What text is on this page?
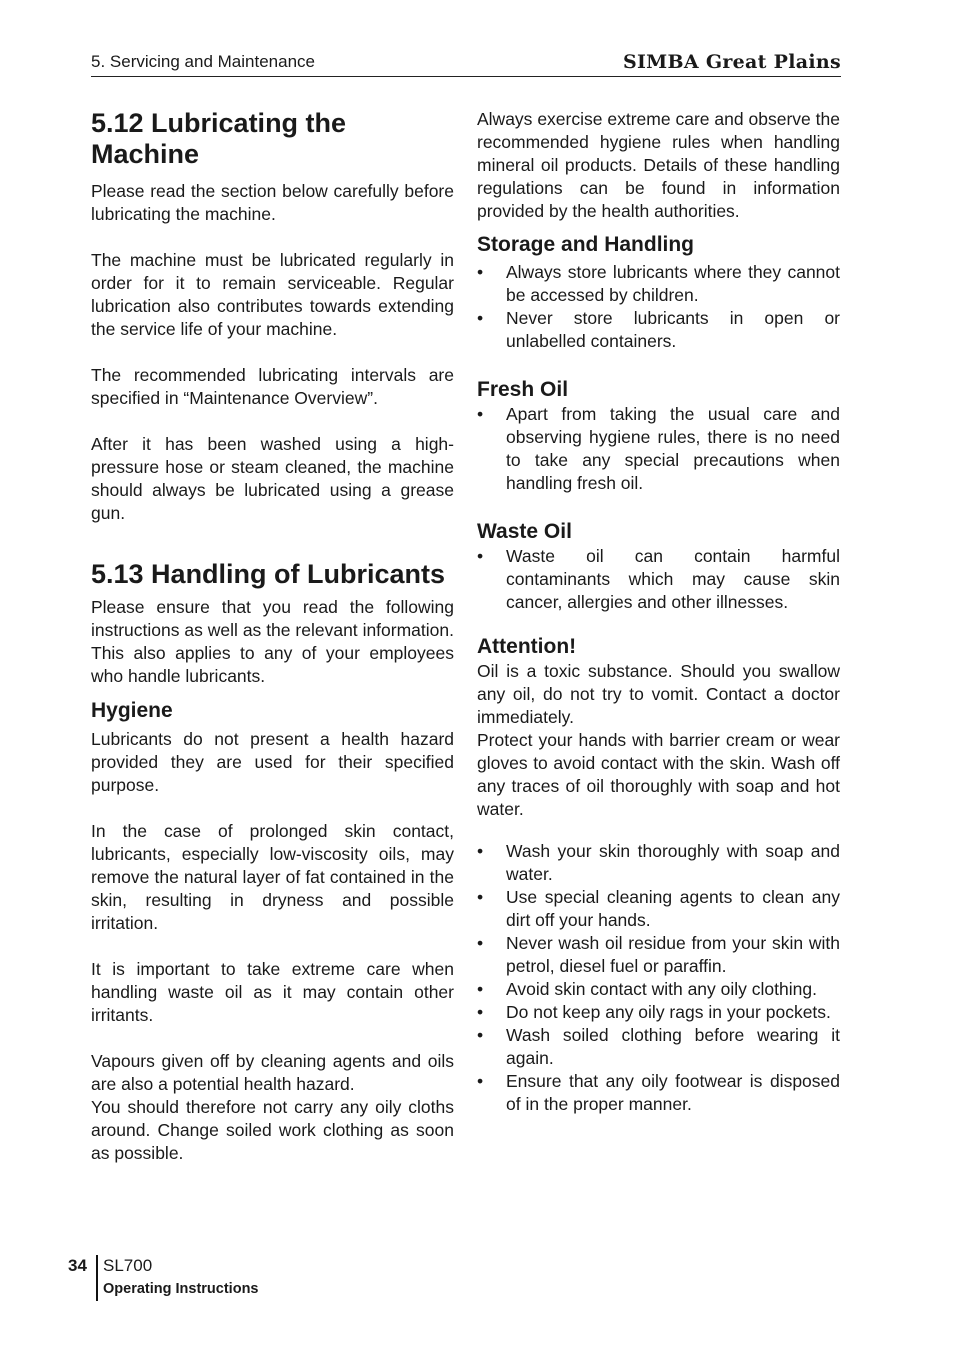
5. Servicing and Maintenance	SIMBA Great Plains
5.12 Lubricating the Machine

Please read the section below carefully before lubricating the machine.

The machine must be lubricated regularly in order for it to remain serviceable. Regular lubrication also contributes towards extending the service life of your machine.

The recommended lubricating intervals are specified in “Maintenance Overview”.

After it has been washed using a high-pressure hose or steam cleaned, the machine should always be lubricated using a grease gun.

5.13 Handling of Lubricants

Please ensure that you read the following instructions as well as the relevant information. This also applies to any of your employees who handle lubricants.

Hygiene

Lubricants do not present a health hazard provided they are used for their specified purpose.

In the case of prolonged skin contact, lubricants, especially low-viscosity oils, may remove the natural layer of fat contained in the skin, resulting in dryness and possible irritation.

It is important to take extreme care when handling waste oil as it may contain other irritants.

Vapours given off by cleaning agents and oils are also a potential health hazard.

You should therefore not carry any oily cloths around. Change soiled work clothing as soon as possible.

Always exercise extreme care and observe the recommended hygiene rules when handling mineral oil products. Details of these handling regulations can be found in information provided by the health authorities.

Storage and Handling
• Always store lubricants where they cannot be accessed by children.
• Never store lubricants in open or unlabelled containers.
Fresh Oil
• Apart from taking the usual care and observing hygiene rules, there is no need to take any special precautions when handling fresh oil.
Waste Oil
• Waste oil can contain harmful contaminants which may cause skin cancer, allergies and other illnesses.
Attention!

Oil is a toxic substance. Should you swallow any oil, do not try to vomit. Contact a doctor immediately.

Protect your hands with barrier cream or wear gloves to avoid contact with the skin. Wash off any traces of oil thoroughly with soap and hot water.

• Wash your skin thoroughly with soap and water.
• Use special cleaning agents to clean any dirt off your hands.
• Never wash oil residue from your skin with petrol, diesel fuel or paraffin.
• Avoid skin contact with any oily clothing.
• Do not keep any oily rags in your pockets.
• Wash soiled clothing before wearing it again.
• Ensure that any oily footwear is disposed of in the proper manner.
34 SL700
Operating Instructions
